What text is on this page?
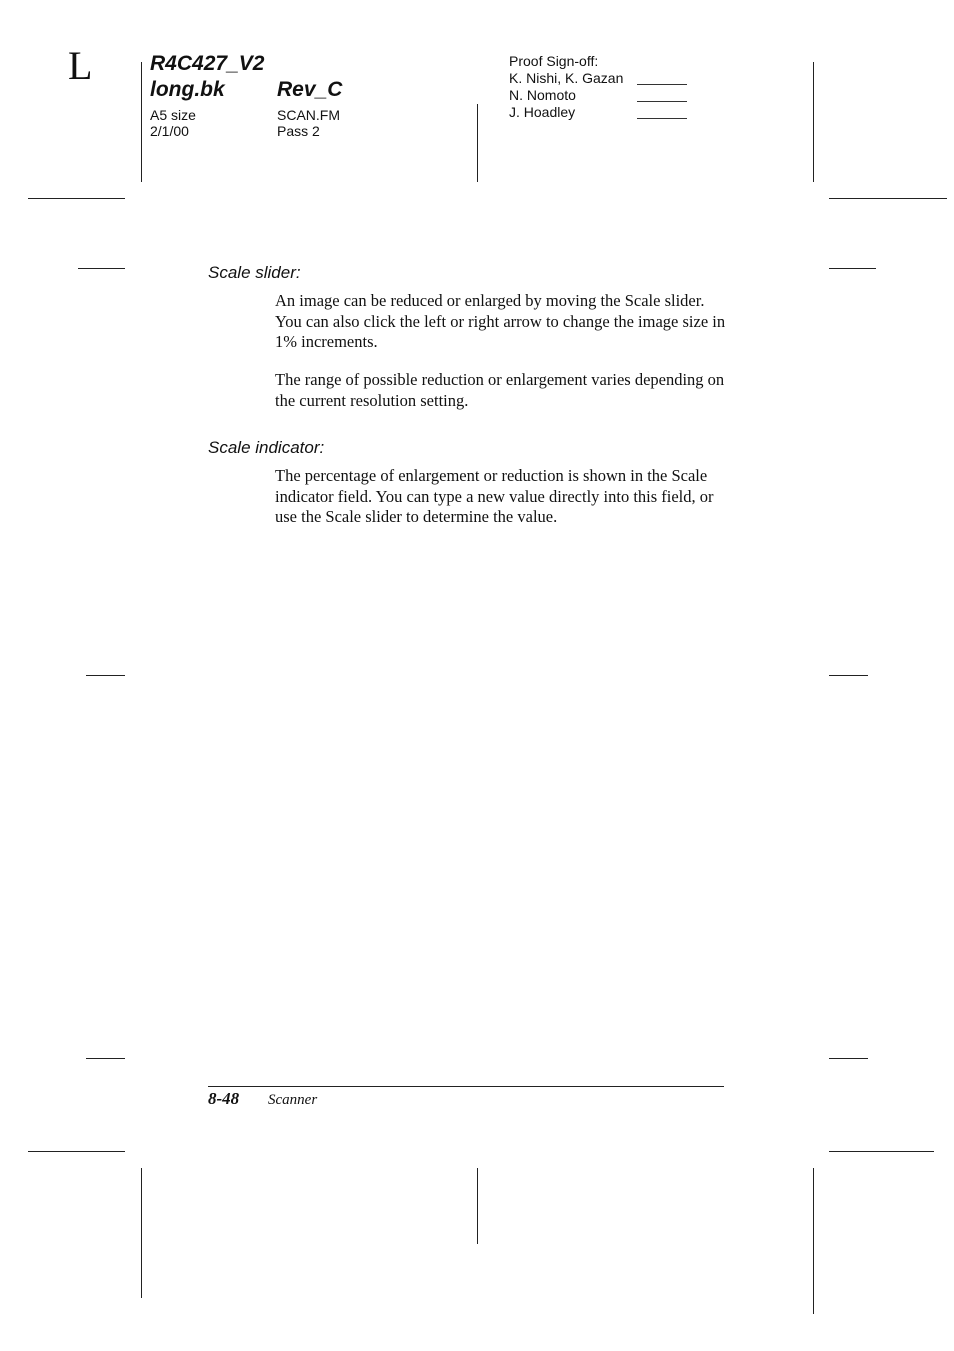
L	R4C427_V2
long.bk Rev_C
A5 size
2/1/00
SCAN.FM
Pass 2
Proof Sign-off:
K. Nishi, K. Gazan
N. Nomoto
J. Hoadley
Scale slider:

An image can be reduced or enlarged by moving the Scale slider. You can also click the left or right arrow to change the image size in 1% increments.

The range of possible reduction or enlargement varies depending on the current resolution setting.

Scale indicator:

The percentage of enlargement or reduction is shown in the Scale indicator field. You can type a new value directly into this field, or use the Scale slider to determine the value.

8-48 Scanner
